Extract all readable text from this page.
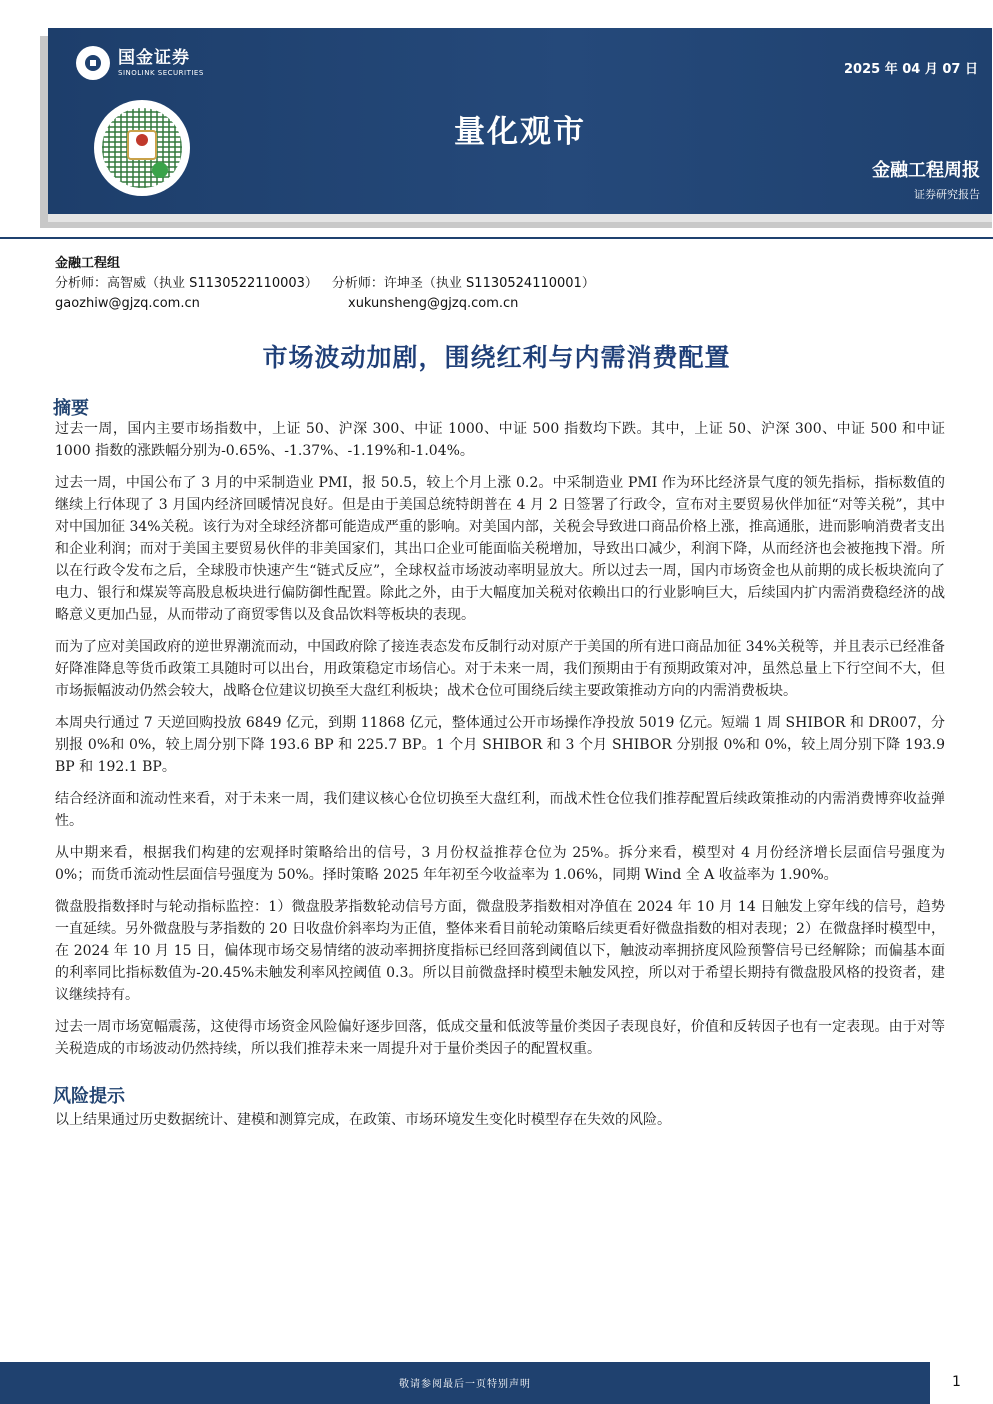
国金证券
SINOLINK SECURITIES	2025 年 04 月 07 日
量化观市
金融工程周报
证券研究报告
金融工程组
分析师：高智威（执业 S1130522110003） 分析师：许坤圣（执业 S1130524110001）
gaozhiw@gjzq.com.cn	xukunsheng@gjzq.com.cn
市场波动加剧，围绕红利与内需消费配置
摘要

过去一周，国内主要市场指数中，上证 50、沪深 300、中证 1000、中证 500 指数均下跌。其中，上证 50、沪深 300、中证 500 和中证 1000 指数的涨跌幅分别为-0.65%、-1.37%、-1.19%和-1.04%。

过去一周，中国公布了 3 月的中采制造业 PMI，报 50.5，较上个月上涨 0.2。中采制造业 PMI 作为环比经济景气度的领先指标，指标数值的继续上行体现了 3 月国内经济回暖情况良好。但是由于美国总统特朗普在 4 月 2 日签署了行政令，宣布对主要贸易伙伴加征“对等关税”，其中对中国加征 34%关税。该行为对全球经济都可能造成严重的影响。对美国内部，关税会导致进口商品价格上涨，推高通胀，进而影响消费者支出和企业利润；而对于美国主要贸易伙伴的非美国家们，其出口企业可能面临关税增加，导致出口减少，利润下降，从而经济也会被拖拽下滑。所以在行政令发布之后，全球股市快速产生“链式反应”，全球权益市场波动率明显放大。所以过去一周，国内市场资金也从前期的成长板块流向了电力、银行和煤炭等高股息板块进行偏防御性配置。除此之外，由于大幅度加关税对依赖出口的行业影响巨大，后续国内扩内需消费稳经济的战略意义更加凸显，从而带动了商贸零售以及食品饮料等板块的表现。

而为了应对美国政府的逆世界潮流而动，中国政府除了接连表态发布反制行动对原产于美国的所有进口商品加征 34%关税等，并且表示已经准备好降准降息等货币政策工具随时可以出台，用政策稳定市场信心。对于未来一周，我们预期由于有预期政策对冲，虽然总量上下行空间不大，但市场振幅波动仍然会较大，战略仓位建议切换至大盘红利板块；战术仓位可围绕后续主要政策推动方向的内需消费板块。

本周央行通过 7 天逆回购投放 6849 亿元，到期 11868 亿元，整体通过公开市场操作净投放 5019 亿元。短端 1 周 SHIBOR 和 DR007，分别报 0%和 0%，较上周分别下降 193.6 BP 和 225.7 BP。1 个月 SHIBOR 和 3 个月 SHIBOR 分别报 0%和 0%，较上周分别下降 193.9 BP 和 192.1 BP。

结合经济面和流动性来看，对于未来一周，我们建议核心仓位切换至大盘红利，而战术性仓位我们推荐配置后续政策推动的内需消费博弈收益弹性。

从中期来看，根据我们构建的宏观择时策略给出的信号，3 月份权益推荐仓位为 25%。拆分来看，模型对 4 月份经济增长层面信号强度为 0%；而货币流动性层面信号强度为 50%。择时策略 2025 年年初至今收益率为 1.06%，同期 Wind 全 A 收益率为 1.90%。

微盘股指数择时与轮动指标监控：1）微盘股茅指数轮动信号方面，微盘股茅指数相对净值在 2024 年 10 月 14 日触发上穿年线的信号，趋势一直延续。另外微盘股与茅指数的 20 日收盘价斜率均为正值，整体来看目前轮动策略后续更看好微盘指数的相对表现；2）在微盘择时模型中，在 2024 年 10 月 15 日，偏体现市场交易情绪的波动率拥挤度指标已经回落到阈值以下，触波动率拥挤度风险预警信号已经解除；而偏基本面的利率同比指标数值为-20.45%未触发利率风控阈值 0.3。所以目前微盘择时模型未触发风控，所以对于希望长期持有微盘股风格的投资者，建议继续持有。

过去一周市场宽幅震荡，这使得市场资金风险偏好逐步回落，低成交量和低波等量价类因子表现良好，价值和反转因子也有一定表现。由于对等关税造成的市场波动仍然持续，所以我们推荐未来一周提升对于量价类因子的配置权重。

风险提示

以上结果通过历史数据统计、建模和测算完成，在政策、市场环境发生变化时模型存在失效的风险。

敬请参阅最后一页特别声明	1
